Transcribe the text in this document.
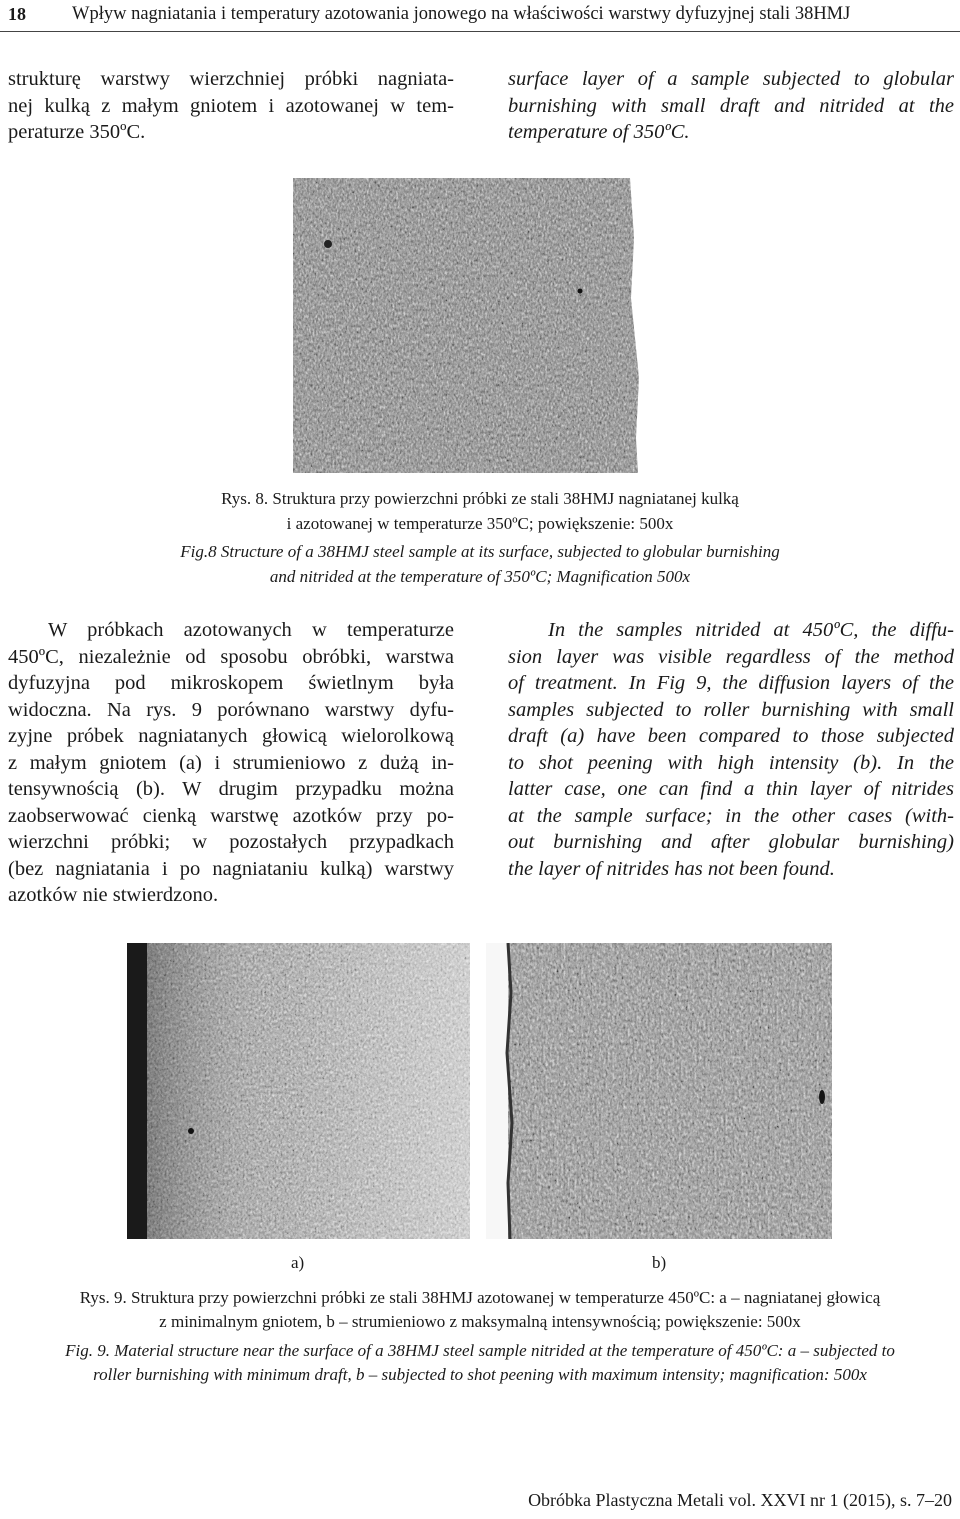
18 Wpływ nagniatania i temperatury azotowania jonowego na właściwości warstwy dyfuzyjnej stali 38HMJ
strukturę warstwy wierzchniej próbki nagniata-
nej kulką z małym gniotem i azotowanej w tem-
peraturze 350ºC.
surface layer of a sample subjected to globular
burnishing with small draft and nitrided at the
temperature of 350ºC.
Rys. 8. Struktura przy powierzchni próbki ze stali 38HMJ nagniatanej kulką
i azotowanej w temperaturze 350ºC; powiększenie: 500x
Fig.8 Structure of a 38HMJ steel sample at its surface, subjected to globular burnishing
and nitrided at the temperature of 350ºC; Magnification 500x
W próbkach azotowanych w temperaturze
450ºC, niezależnie od sposobu obróbki, warstwa
dyfuzyjna pod mikroskopem świetlnym była
widoczna. Na rys. 9 porównano warstwy dyfu-
zyjne próbek nagniatanych głowicą wielorolkową
z małym gniotem (a) i strumieniowo z dużą in-
tensywnością (b). W drugim przypadku można
zaobserwować cienką warstwę azotków przy po-
wierzchni próbki; w pozostałych przypadkach
(bez nagniatania i po nagniataniu kulką) warstwy
azotków nie stwierdzono.
In the samples nitrided at 450ºC, the diffu-
sion layer was visible regardless of the method
of treatment. In Fig 9, the diffusion layers of the
samples subjected to roller burnishing with small
draft (a) have been compared to those subjected
to shot peening with high intensity (b). In the
latter case, one can find a thin layer of nitrides
at the sample surface; in the other cases (with-
out burnishing and after globular burnishing)
the layer of nitrides has not been found.
a)	b)
Rys. 9. Struktura przy powierzchni próbki ze stali 38HMJ azotowanej w temperaturze 450ºC: a – nagniatanej głowicą
z minimalnym gniotem, b – strumieniowo z maksymalną intensywnością; powiększenie: 500x
Fig. 9. Material structure near the surface of a 38HMJ steel sample nitrided at the temperature of 450ºC: a – subjected to
roller burnishing with minimum draft, b – subjected to shot peening with maximum intensity; magnification: 500x
Obróbka Plastyczna Metali vol. XXVI nr 1 (2015), s. 7–20
